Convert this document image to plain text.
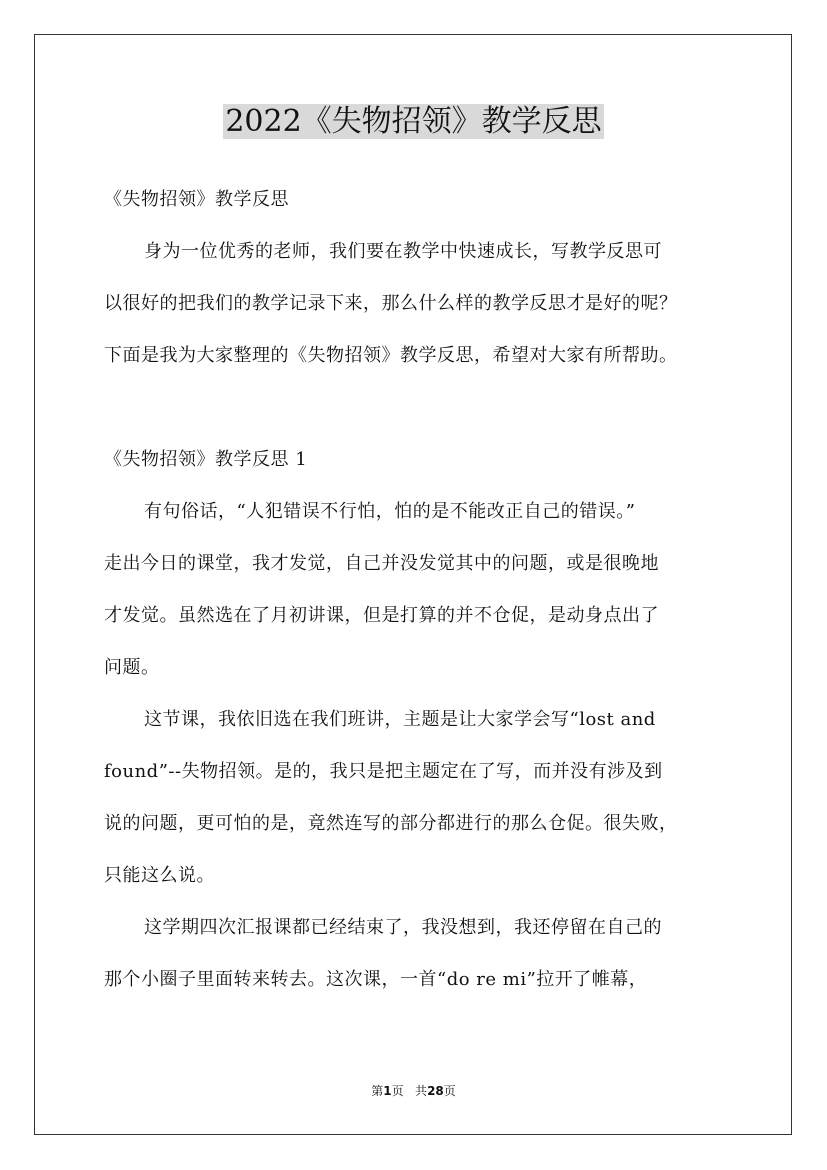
2022《失物招领》教学反思

《失物招领》教学反思

身为一位优秀的老师，我们要在教学中快速成长，写教学反思可
以很好的把我们的教学记录下来，那么什么样的教学反思才是好的呢？
下面是我为大家整理的《失物招领》教学反思，希望对大家有所帮助。

《失物招领》教学反思 1

有句俗话，“人犯错误不行怕，怕的是不能改正自己的错误。”
走出今日的课堂，我才发觉，自己并没发觉其中的问题，或是很晚地
才发觉。虽然选在了月初讲课，但是打算的并不仓促，是动身点出了
问题。

这节课，我依旧选在我们班讲，主题是让大家学会写“lost and
found”--失物招领。是的，我只是把主题定在了写，而并没有涉及到
说的问题，更可怕的是，竟然连写的部分都进行的那么仓促。很失败，
只能这么说。

这学期四次汇报课都已经结束了，我没想到，我还停留在自己的
那个小圈子里面转来转去。这次课，一首“do re mi”拉开了帷幕，

第1页 共28页
